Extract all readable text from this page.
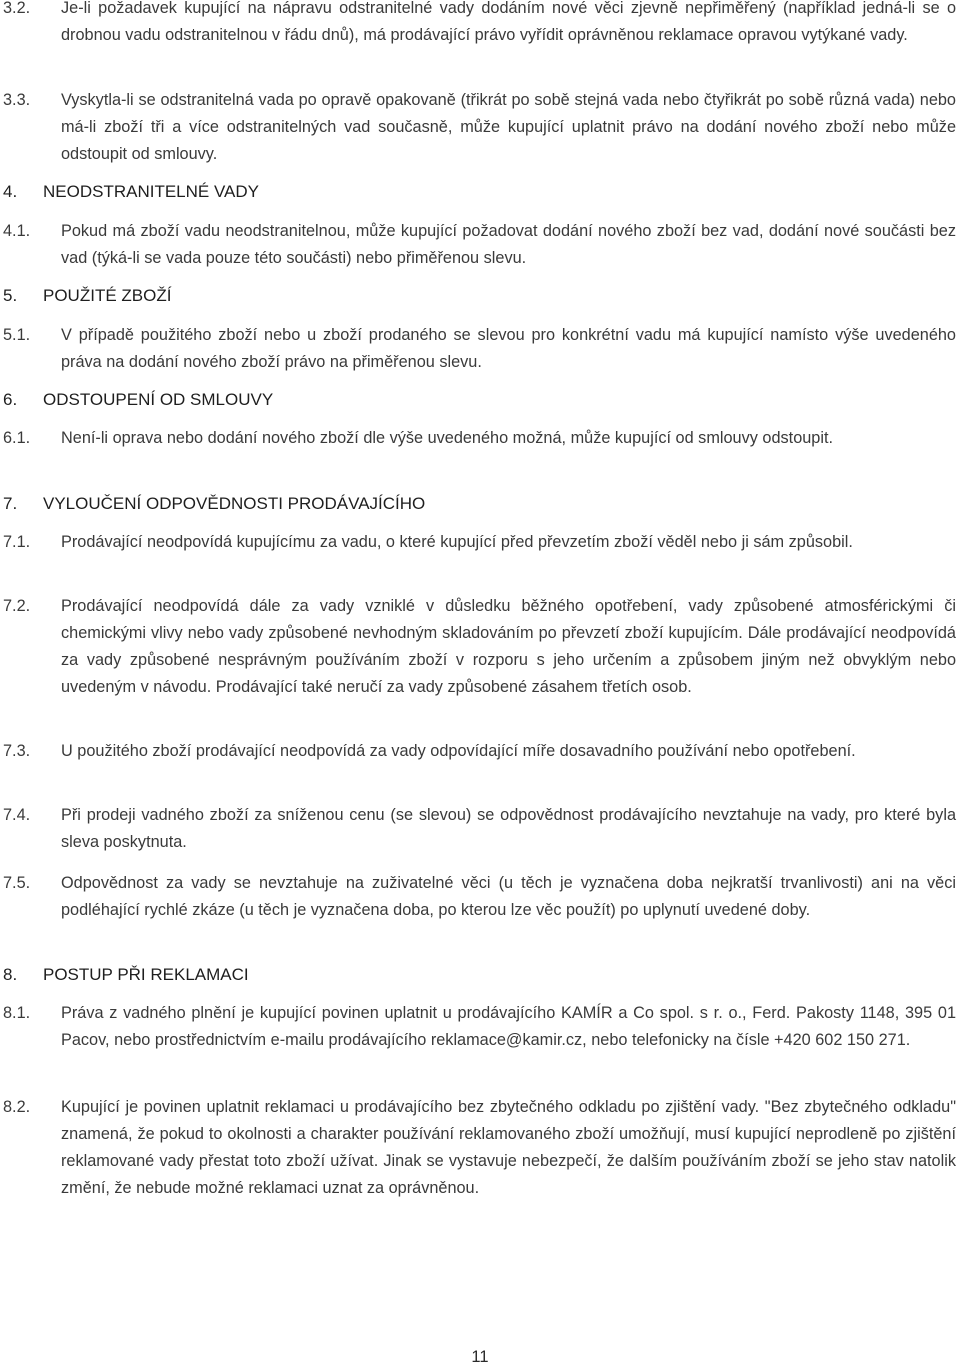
3.2.	Je-li požadavek kupující na nápravu odstranitelné vady dodáním nové věci zjevně nepřiměřený (například jedná-li se o drobnou vadu odstranitelnou v řádu dnů), má prodávající právo vyřídit oprávněnou reklamace opravou vytýkané vady.
3.3.	Vyskytla-li se odstranitelná vada po opravě opakovaně (třikrát po sobě stejná vada nebo čtyřikrát po sobě různá vada) nebo má-li zboží tři a více odstranitelných vad současně, může kupující uplatnit právo na dodání nového zboží nebo může odstoupit od smlouvy.
4.	NEODSTRANITELNÉ VADY
4.1.	Pokud má zboží vadu neodstranitelnou, může kupující požadovat dodání nového zboží bez vad, dodání nové součásti bez vad (týká-li se vada pouze této součásti) nebo přiměřenou slevu.
5.	POUŽITÉ ZBOŽÍ
5.1.	V případě použitého zboží nebo u zboží prodaného se slevou pro konkrétní vadu má kupující namísto výše uvedeného práva na dodání nového zboží právo na přiměřenou slevu.
6.	ODSTOUPENÍ OD SMLOUVY
6.1.	Není-li oprava nebo dodání nového zboží dle výše uvedeného možná, může kupující od smlouvy odstoupit.
7.	VYLOUČENÍ ODPOVĚDNOSTI PRODÁVAJÍCÍHO
7.1.	Prodávající neodpovídá kupujícímu za vadu, o které kupující před převzetím zboží věděl nebo ji sám způsobil.
7.2.	Prodávající neodpovídá dále za vady vzniklé v důsledku běžného opotřebení, vady způsobené atmosférickými či chemickými vlivy nebo vady způsobené nevhodným skladováním po převzetí zboží kupujícím. Dále prodávající neodpovídá za vady způsobené nesprávným používáním zboží v rozporu s jeho určením a způsobem jiným než obvyklým nebo uvedeným v návodu. Prodávající také neručí za vady způsobené zásahem třetích osob.
7.3.	U použitého zboží prodávající neodpovídá za vady odpovídající míře dosavadního používání nebo opotřebení.
7.4.	Při prodeji vadného zboží za sníženou cenu (se slevou) se odpovědnost prodávajícího nevztahuje na vady, pro které byla sleva poskytnuta.
7.5.	Odpovědnost za vady se nevztahuje na zuživatelné věci (u těch je vyznačena doba nejkratší trvanlivosti) ani na věci podléhající rychlé zkáze (u těch je vyznačena doba, po kterou lze věc použít) po uplynutí uvedené doby.
8.	POSTUP PŘI REKLAMACI
8.1.	Práva z vadného plnění je kupující povinen uplatnit u prodávajícího KAMÍR a Co spol. s r. o., Ferd. Pakosty 1148, 395 01 Pacov, nebo prostřednictvím e-mailu prodávajícího reklamace@kamir.cz, nebo telefonicky na čísle +420 602 150 271.
8.2.	Kupující je povinen uplatnit reklamaci u prodávajícího bez zbytečného odkladu po zjištění vady. "Bez zbytečného odkladu" znamená, že pokud to okolnosti a charakter používání reklamovaného zboží umožňují, musí kupující neprodleně po zjištění reklamované vady přestat toto zboží užívat. Jinak se vystavuje nebezpečí, že dalším používáním zboží se jeho stav natolik změní, že nebude možné reklamaci uznat za oprávněnou.
11
